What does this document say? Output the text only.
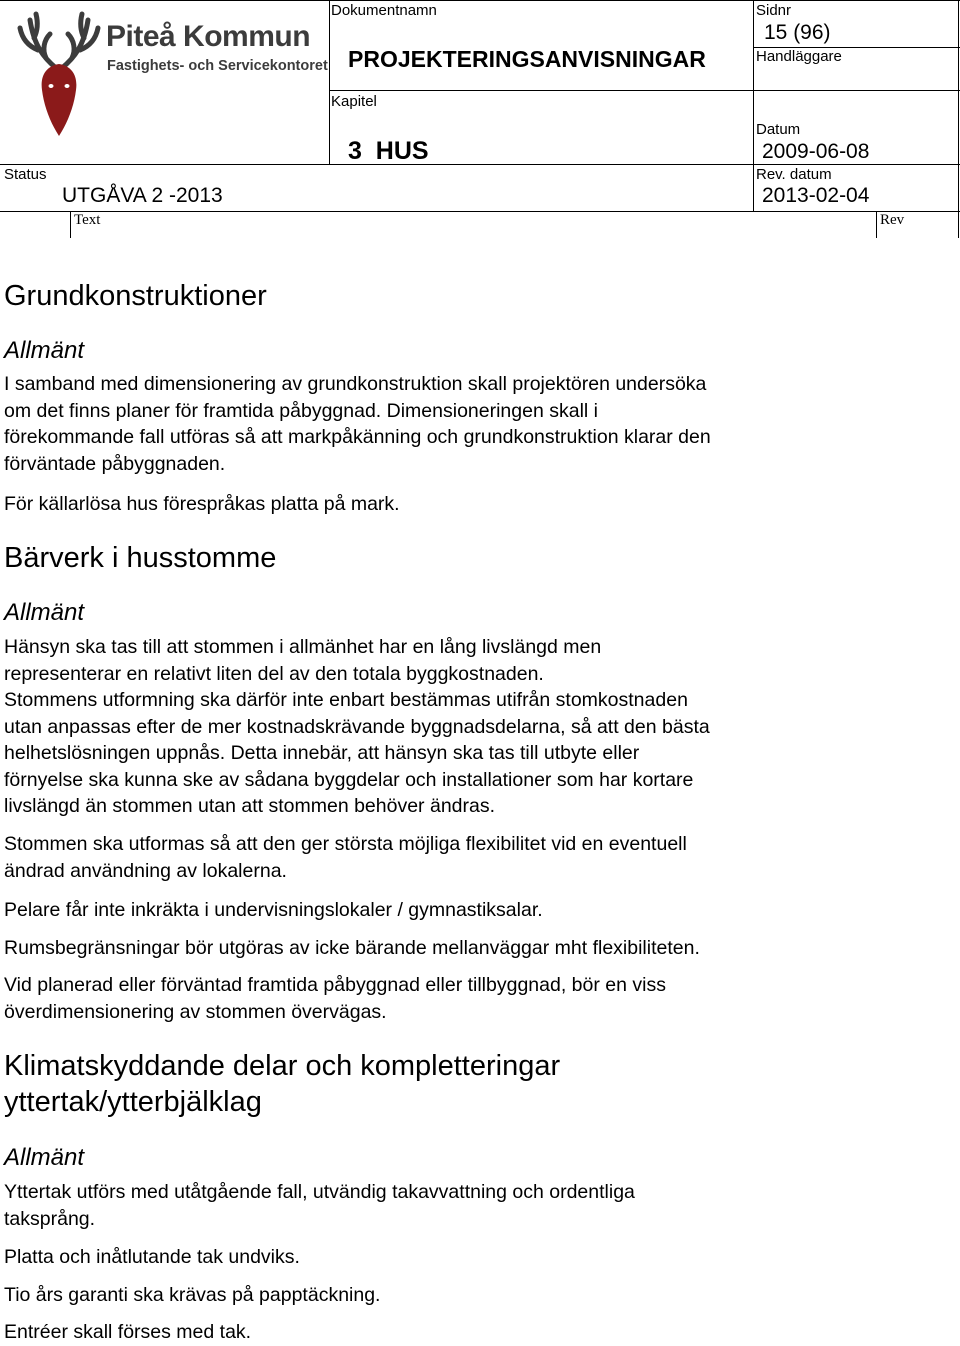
Piteå Kommun
Fastighets- och Servicekontoret
Dokumentnamn
PROJEKTERINGSANVISNINGAR
Sidnr
15 (96)
Handläggare
Kapitel
3  HUS
Datum
2009-06-08
Status
UTGÅVA 2 -2013
Rev. datum
2013-02-04
Text	Rev
Grundkonstruktioner
Allmänt
I samband med dimensionering av grundkonstruktion skall projektören undersöka
om det finns planer för framtida påbyggnad. Dimensioneringen skall i
förekommande fall utföras så att markpåkänning och grundkonstruktion klarar den
förväntade påbyggnaden.
För källarlösa hus förespråkas platta på mark.
Bärverk i husstomme
Allmänt
Hänsyn ska tas till att stommen i allmänhet har en lång livslängd men
representerar en relativt liten del av den totala byggkostnaden.
Stommens utformning ska därför inte enbart bestämmas utifrån stomkostnaden
utan anpassas efter de mer kostnadskrävande byggnadsdelarna, så att den bästa
helhetslösningen uppnås. Detta innebär, att hänsyn ska tas till utbyte eller
förnyelse ska kunna ske av sådana byggdelar och installationer som har kortare
livslängd än stommen utan att stommen behöver ändras.
Stommen ska utformas så att den ger största möjliga flexibilitet vid en eventuell
ändrad användning av lokalerna.
Pelare får inte inkräkta i undervisningslokaler / gymnastiksalar.
Rumsbegränsningar bör utgöras av icke bärande mellanväggar mht flexibiliteten.
Vid planerad eller förväntad framtida påbyggnad eller tillbyggnad, bör en viss
överdimensionering av stommen övervägas.
Klimatskyddande delar och kompletteringar
yttertak/ytterbjälklag
Allmänt
Yttertak utförs med utåtgående fall, utvändig takavvattning och ordentliga
taksprång.
Platta och inåtlutande tak undviks.
Tio års garanti ska krävas på papptäckning.
Entréer skall förses med tak.
